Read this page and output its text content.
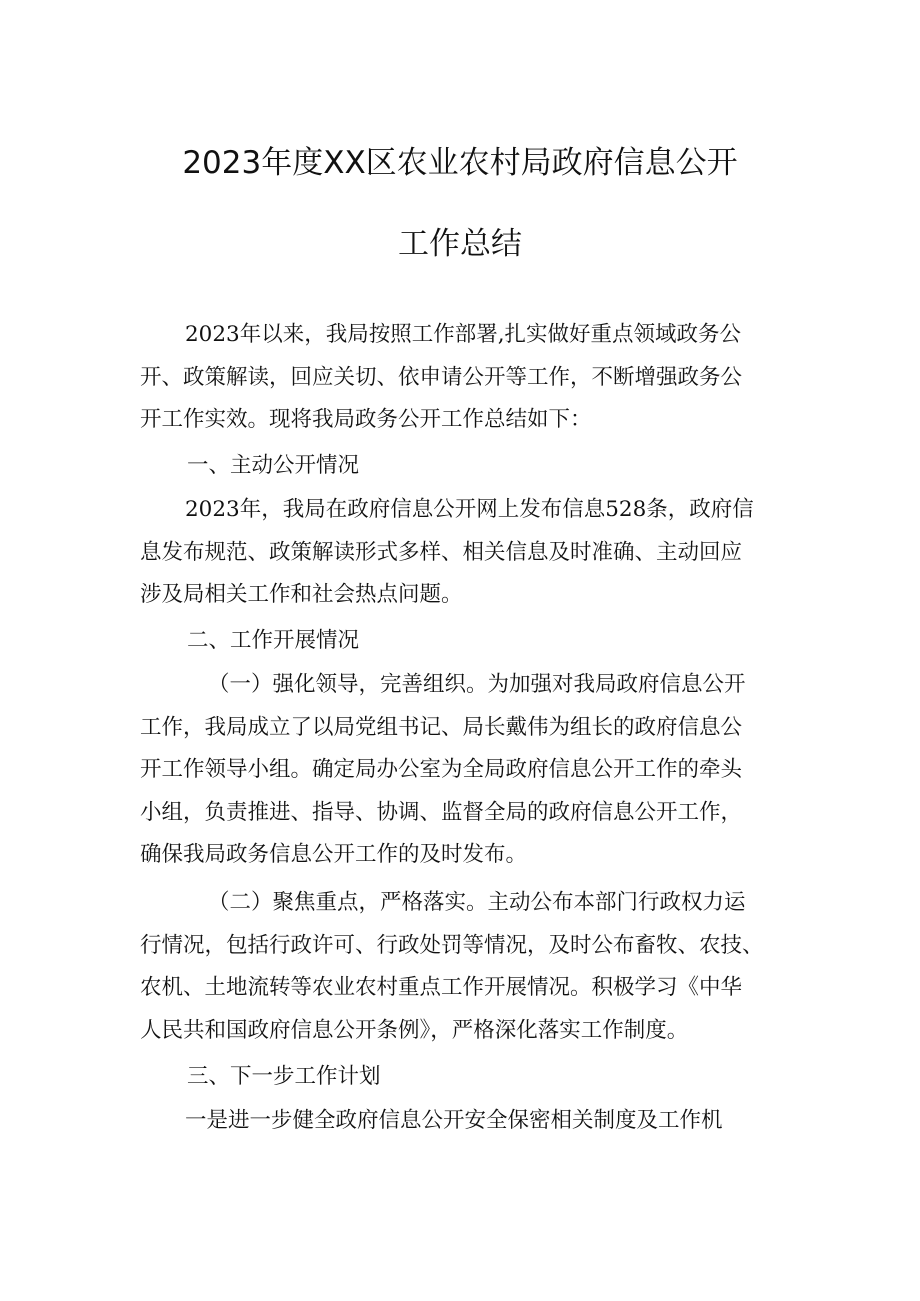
2023年度XX区农业农村局政府信息公开
工作总结
2023年以来，我局按照工作部署,扎实做好重点领域政务公
开、政策解读，回应关切、依申请公开等工作，不断增强政务公
开工作实效。现将我局政务公开工作总结如下：
一、主动公开情况
2023年，我局在政府信息公开网上发布信息528条，政府信
息发布规范、政策解读形式多样、相关信息及时准确、主动回应
涉及局相关工作和社会热点问题。
二、工作开展情况
（一）强化领导，完善组织。为加强对我局政府信息公开
工作，我局成立了以局党组书记、局长戴伟为组长的政府信息公
开工作领导小组。确定局办公室为全局政府信息公开工作的牵头
小组，负责推进、指导、协调、监督全局的政府信息公开工作，
确保我局政务信息公开工作的及时发布。
（二）聚焦重点，严格落实。主动公布本部门行政权力运
行情况，包括行政许可、行政处罚等情况，及时公布畜牧、农技、
农机、土地流转等农业农村重点工作开展情况。积极学习《中华
人民共和国政府信息公开条例》，严格深化落实工作制度。
三、下一步工作计划
一是进一步健全政府信息公开安全保密相关制度及工作机
